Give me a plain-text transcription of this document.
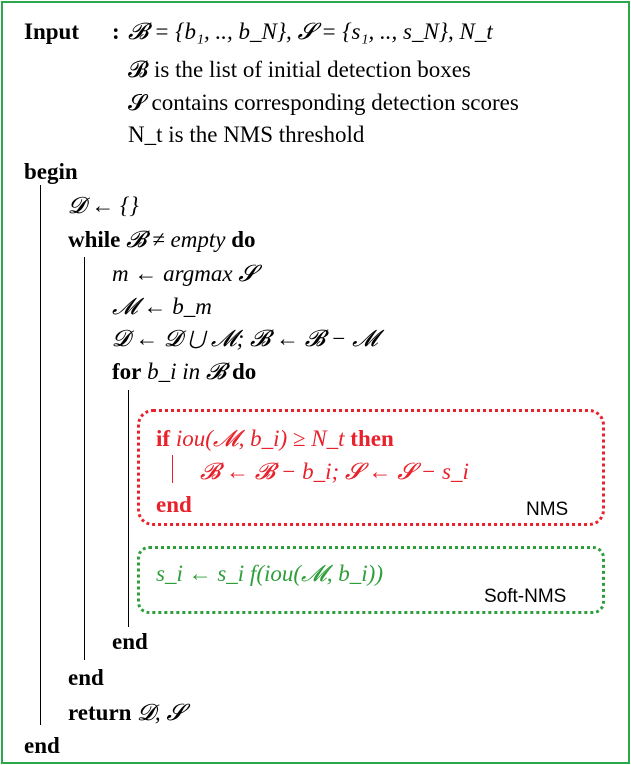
Input : 𝓑 = {b₁, .., b_N}, 𝓢 = {s₁, .., s_N}, N_t
𝓑 is the list of initial detection boxes
𝓢 contains corresponding detection scores
N_t is the NMS threshold
begin
𝓓 ← {}
while 𝓑 ≠ empty do
m ← argmax 𝓢
𝓜 ← b_m
𝓓 ← 𝓓 ⋃ 𝓜; 𝓑 ← 𝓑 − 𝓜
for b_i in 𝓑 do
if iou(𝓜, b_i) ≥ N_t then
𝓑 ← 𝓑 − b_i; 𝓢 ← 𝓢 − s_i
end	NMS
s_i ← s_i f(iou(𝓜, b_i))
Soft-NMS
end
end
return 𝓓, 𝓢
end
